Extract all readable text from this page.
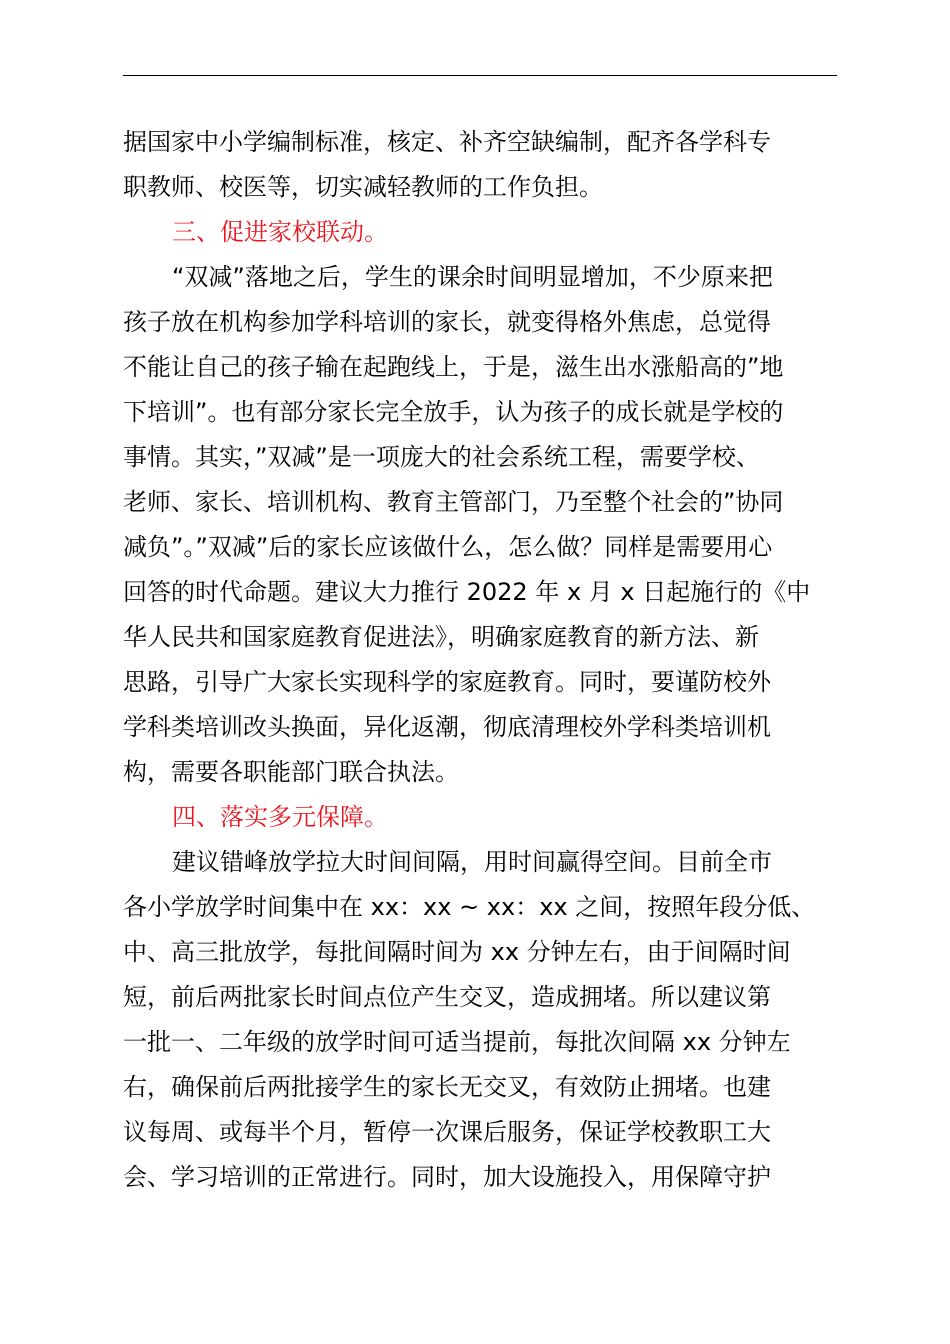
据国家中小学编制标准，核定、补齐空缺编制，配齐各学科专
职教师、校医等，切实减轻教师的工作负担。
三、促进家校联动。
“双减”落地之后，学生的课余时间明显增加，不少原来把
孩子放在机构参加学科培训的家长，就变得格外焦虑，总觉得
不能让自己的孩子输在起跑线上，于是，滋生出水涨船高的”地
下培训”。也有部分家长完全放手，认为孩子的成长就是学校的
事情。其实，”双减”是一项庞大的社会系统工程，需要学校、
老师、家长、培训机构、教育主管部门，乃至整个社会的”协同
减负”。”双减”后的家长应该做什么，怎么做？同样是需要用心
回答的时代命题。建议大力推行 2022 年 x 月 x 日起施行的《中
华人民共和国家庭教育促进法》，明确家庭教育的新方法、新
思路，引导广大家长实现科学的家庭教育。同时，要谨防校外
学科类培训改头换面，异化返潮，彻底清理校外学科类培训机
构，需要各职能部门联合执法。
四、落实多元保障。
建议错峰放学拉大时间间隔，用时间赢得空间。目前全市
各小学放学时间集中在 xx：xx ~ xx：xx 之间，按照年段分低、
中、高三批放学，每批间隔时间为 xx 分钟左右，由于间隔时间
短，前后两批家长时间点位产生交叉，造成拥堵。所以建议第
一批一、二年级的放学时间可适当提前，每批次间隔 xx 分钟左
右，确保前后两批接学生的家长无交叉，有效防止拥堵。也建
议每周、或每半个月，暂停一次课后服务，保证学校教职工大
会、学习培训的正常进行。同时，加大设施投入，用保障守护
